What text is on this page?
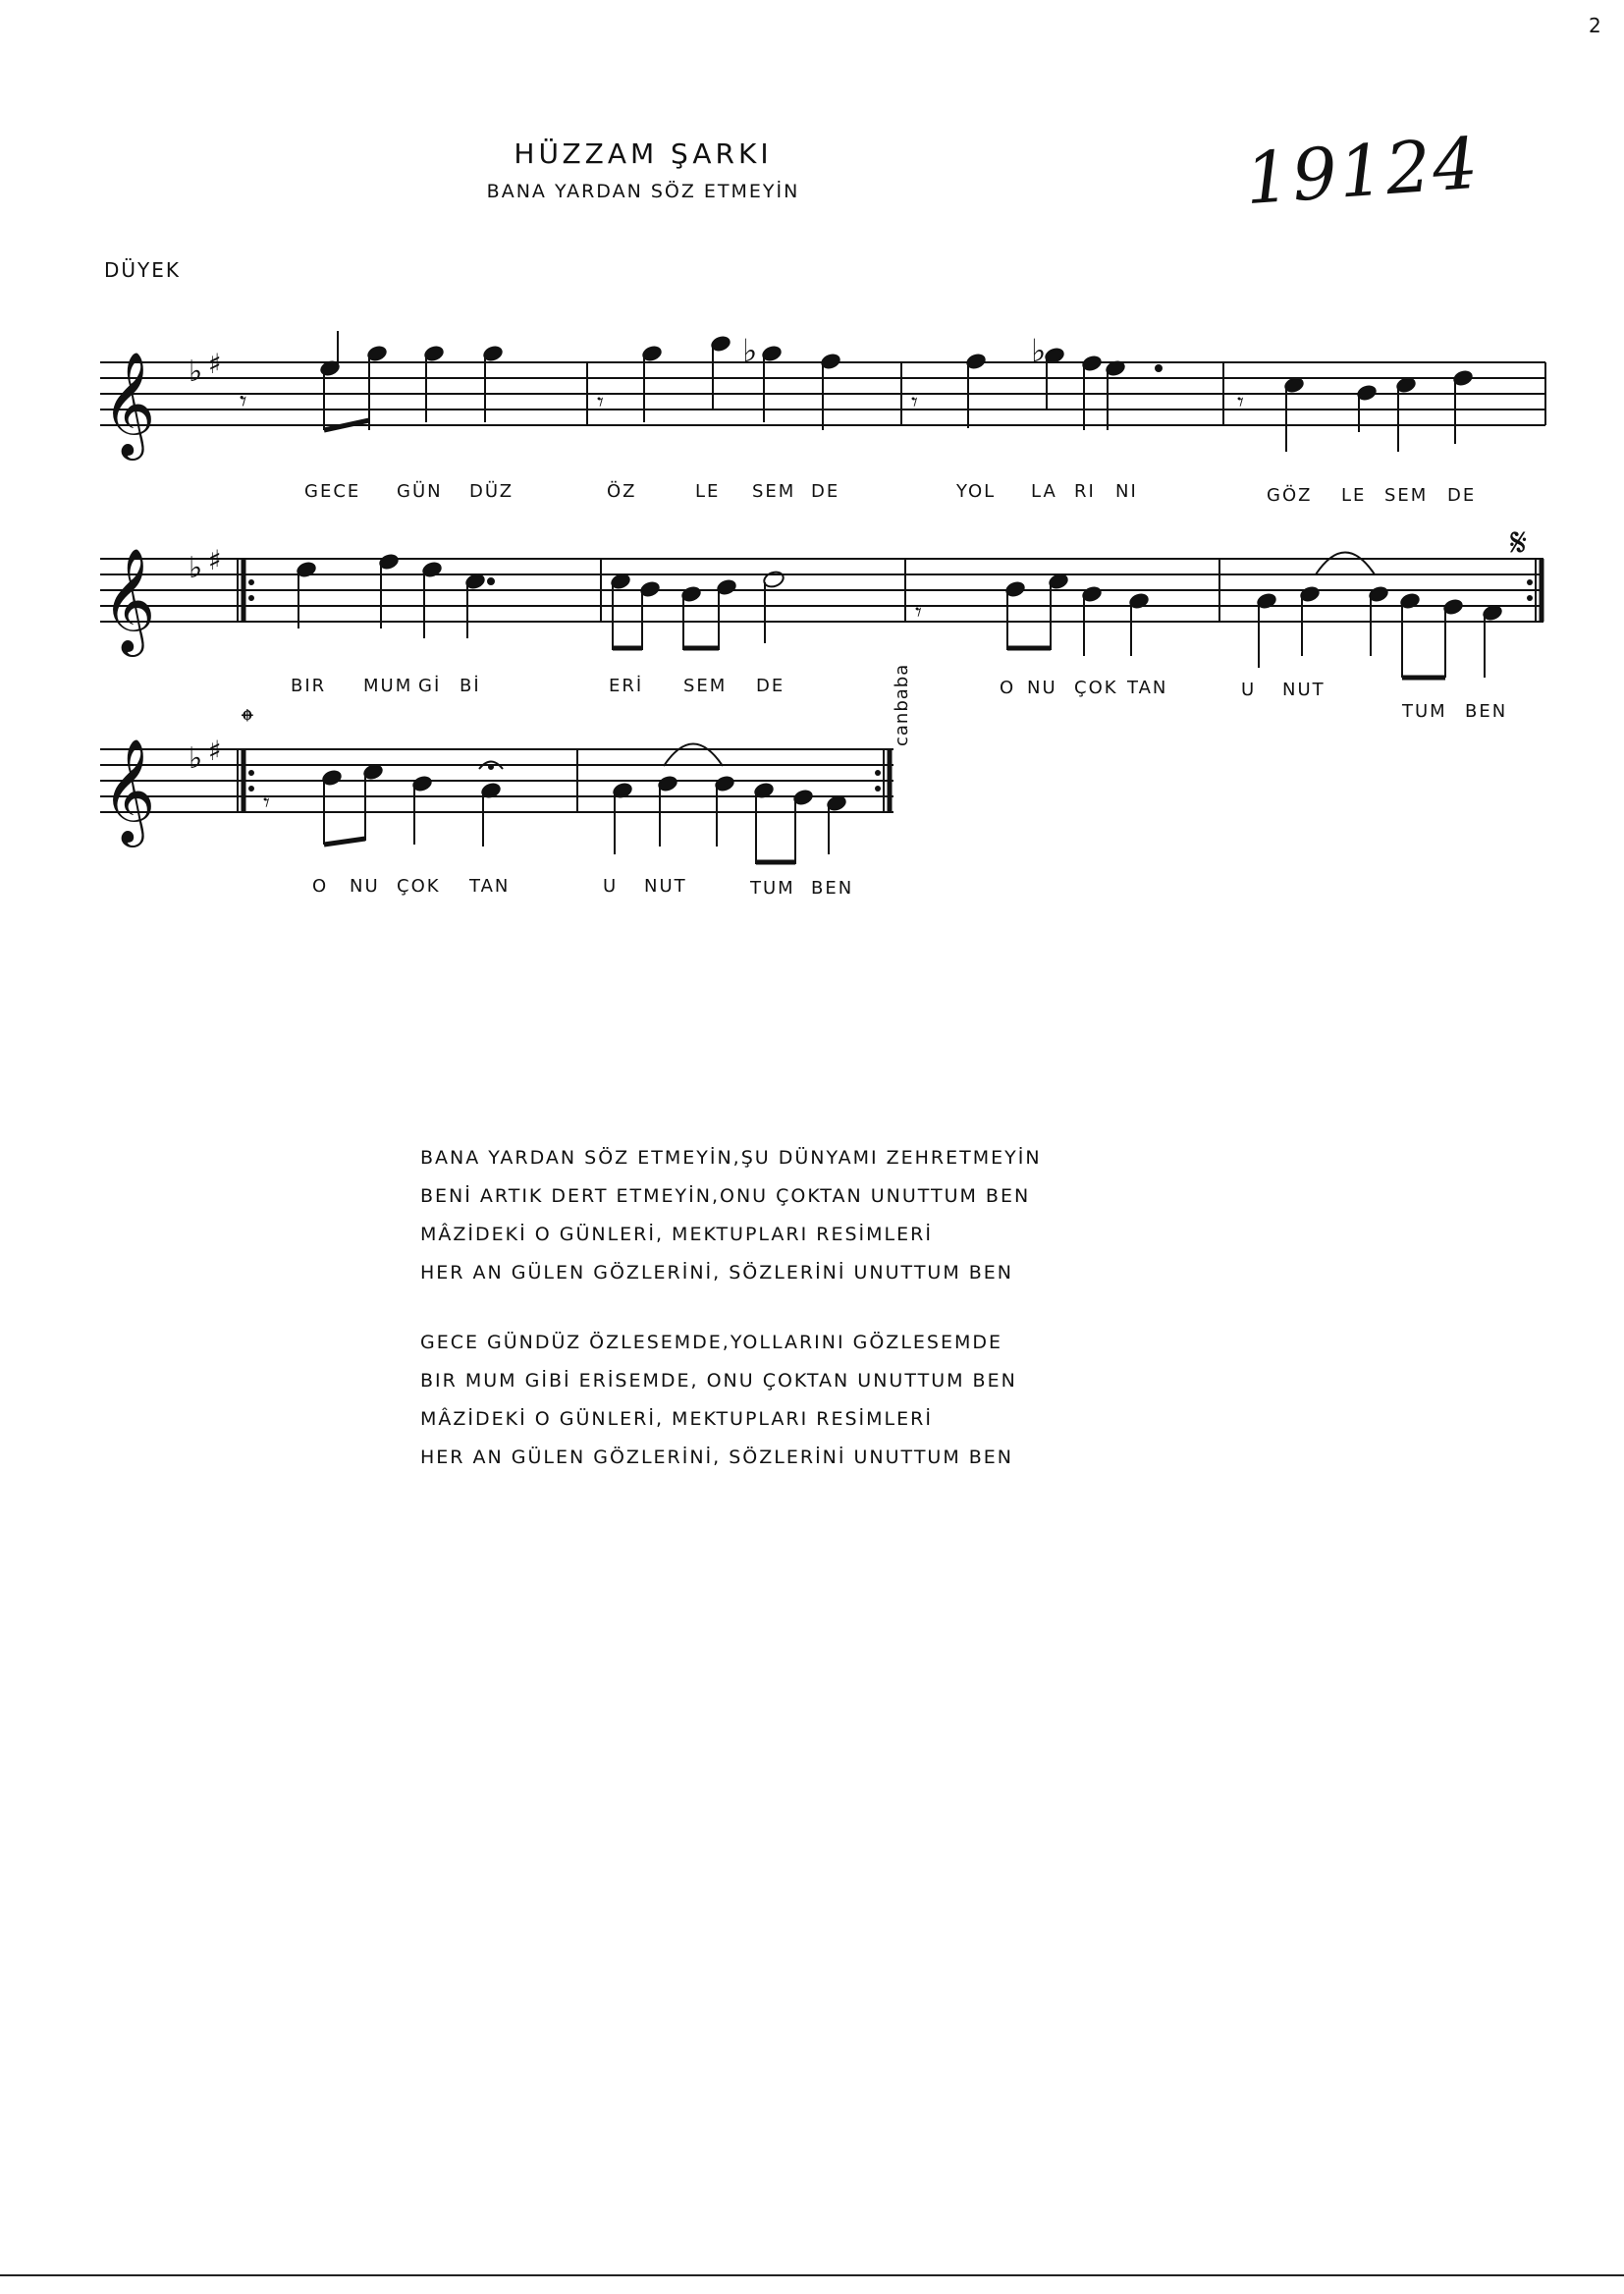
2
HÜZZAM ŞARKI
BANA YARDAN SÖZ ETMEYİN	19124
DÜYEK
𝄞
𝄞
𝄞
♭ ♯
♭ ♯
♭ ♯
𝄋
𝄌
𝄾	𝄾
♭
𝄾
♭
𝄾
𝄾
𝄾
GECE GÜN DÜZ	ÖZ	LE SEM DE	YOL LA RI NI	GÖZ LE SEM DE
BIR MUM Gİ Bİ	ERİ SEM DE	O NU ÇOK TAN	U NUT
TUM BEN
O NU ÇOK TAN	U NUT	TUM BEN
canbaba
BANA YARDAN SÖZ ETMEYİN,ŞU DÜNYAMI ZEHRETMEYİN
BENİ ARTIK DERT ETMEYİN,ONU ÇOKTAN UNUTTUM BEN
MÂZİDEKİ O GÜNLERİ, MEKTUPLARI RESİMLERİ
HER AN GÜLEN GÖZLERİNİ, SÖZLERİNİ UNUTTUM BEN
GECE GÜNDÜZ ÖZLESEMDE,YOLLARINI GÖZLESEMDE
BIR MUM GİBİ ERİSEMDE, ONU ÇOKTAN UNUTTUM BEN
MÂZİDEKİ O GÜNLERİ, MEKTUPLARI RESİMLERİ
HER AN GÜLEN GÖZLERİNİ, SÖZLERİNİ UNUTTUM BEN
